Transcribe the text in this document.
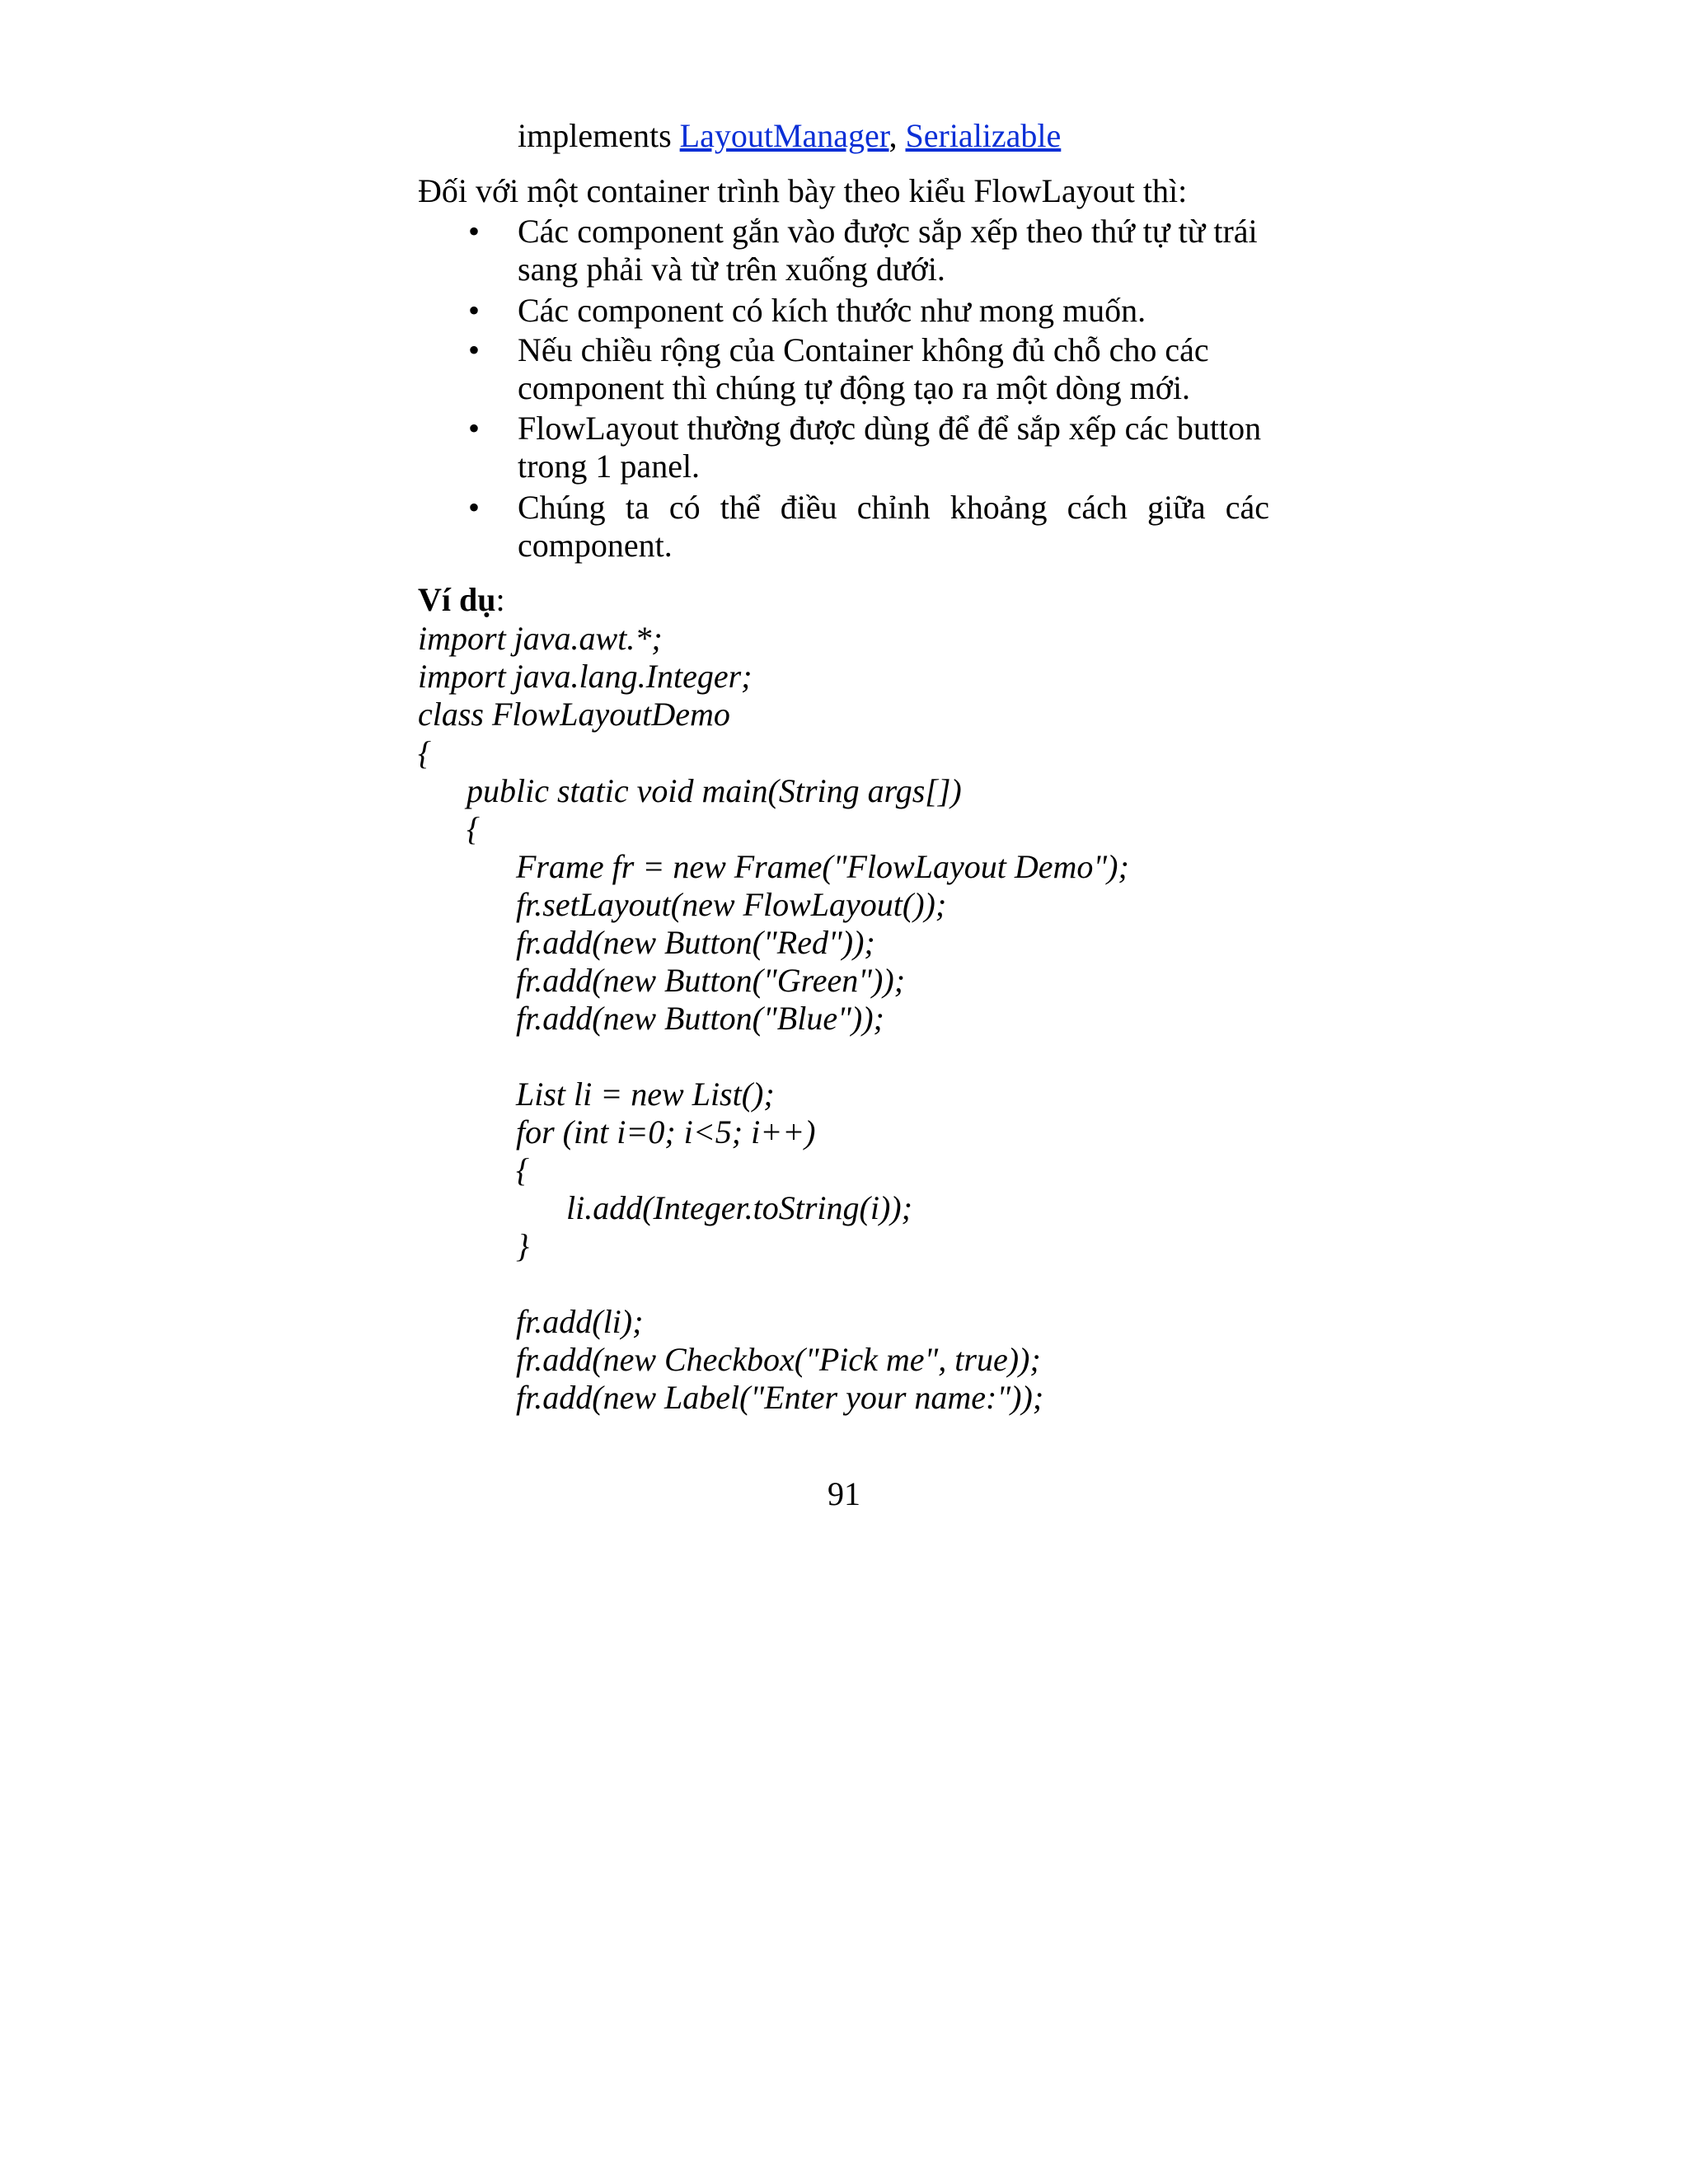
implements LayoutManager, Serializable
Đối với một container trình bày theo kiểu FlowLayout thì:
• Các component gắn vào được sắp xếp theo thứ tự từ trái
sang phải và từ trên xuống dưới.
• Các component có kích thước như mong muốn.
• Nếu chiều rộng của Container không đủ chỗ cho các
component thì chúng tự động tạo ra một dòng mới.
• FlowLayout thường được dùng để để sắp xếp các button
trong 1 panel.
• Chúng ta có thể điều chỉnh khoảng cách giữa các
component.
Ví dụ:
import java.awt.*;
import java.lang.Integer;
class FlowLayoutDemo
{
public static void main(String args[])
{
Frame fr = new Frame("FlowLayout Demo");
fr.setLayout(new FlowLayout());
fr.add(new Button("Red"));
fr.add(new Button("Green"));
fr.add(new Button("Blue"));
List li = new List();
for (int i=0; i<5; i++)
{
li.add(Integer.toString(i));
}
fr.add(li);
fr.add(new Checkbox("Pick me", true));
fr.add(new Label("Enter your name:"));
91
